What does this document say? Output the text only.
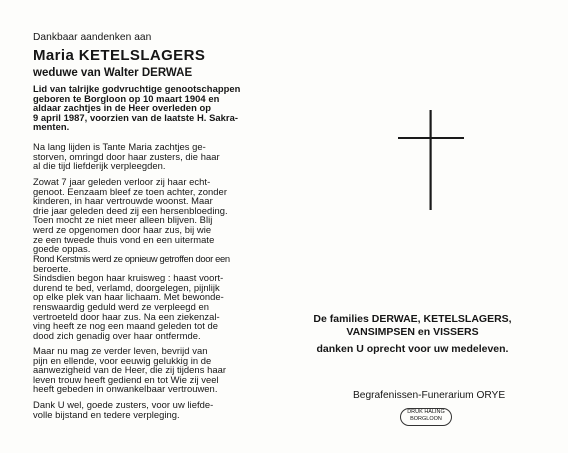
Dankbaar aandenken aan
Maria KETELSLAGERS
weduwe van Walter DERWAE
Lid van talrijke godvruchtige genootschappen
geboren te Borgloon op 10 maart 1904 en
aldaar zachtjes in de Heer overleden op
9 april 1987, voorzien van de laatste H. Sakra-
menten.
Na lang lijden is Tante Maria zachtjes ge-
storven, omringd door haar zusters, die haar
al die tijd liefderijk verpleegden.
Zowat 7 jaar geleden verloor zij haar echt-
genoot. Eenzaam bleef ze toen achter, zonder
kinderen, in haar vertrouwde woonst. Maar
drie jaar geleden deed zij een hersenbloeding.
Toen mocht ze niet meer alleen blijven. Blij
werd ze opgenomen door haar zus, bij wie
ze een tweede thuis vond en een uitermate
goede oppas.
Rond Kerstmis werd ze opnieuw getroffen door een
beroerte.
Sindsdien begon haar kruisweg : haast voort-
durend te bed, verlamd, doorgelegen, pijnlijk
op elke plek van haar lichaam. Met bewonde-
renswaardig geduld werd ze verpleegd en
vertroeteld door haar zus. Na een ziekenzal-
ving heeft ze nog een maand geleden tot de
dood zich genadig over haar ontfermde.
Maar nu mag ze verder leven, bevrijd van
pijn en ellende, voor eeuwig gelukkig in de
aanwezigheid van de Heer, die zij tijdens haar
leven trouw heeft gediend en tot Wie zij veel
heeft gebeden in onwankelbaar vertrouwen.
Dank U wel, goede zusters, voor uw liefde-
volle bijstand en tedere verpleging.
De families DERWAE, KETELSLAGERS,
VANSIMPSEN en VISSERS
danken U oprecht voor uw medeleven.
Begrafenissen-Funerarium ORYE
DRUK HALING
BORGLOON
